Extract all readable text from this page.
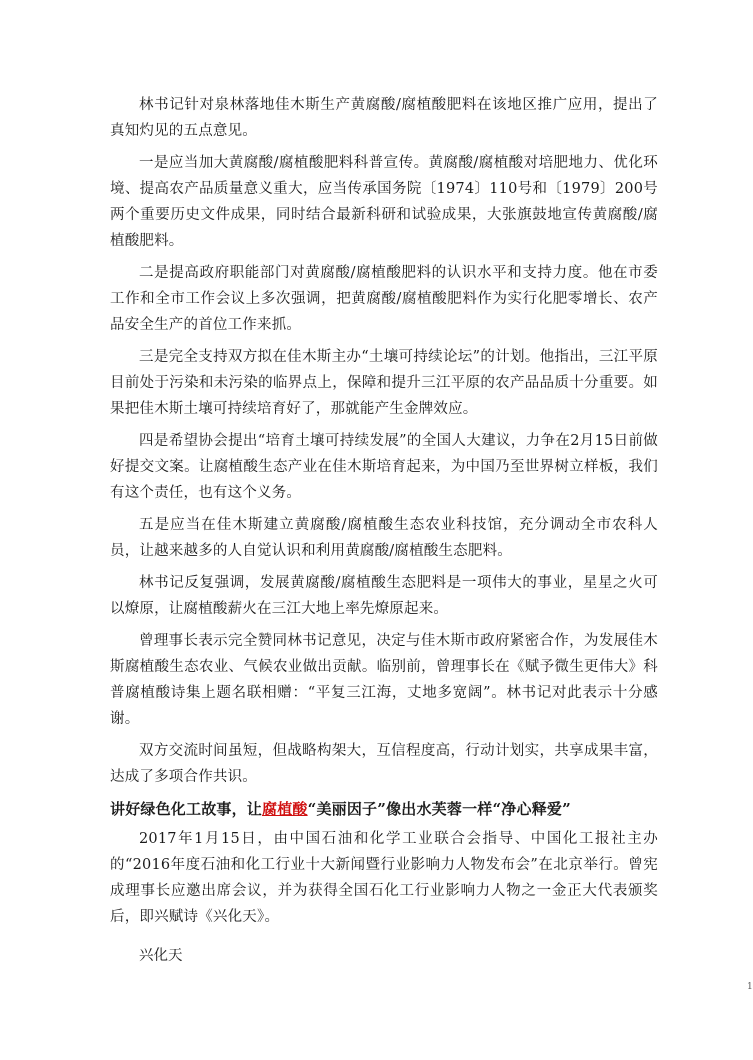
林书记针对泉林落地佳木斯生产黄腐酸/腐植酸肥料在该地区推广应用，提出了真知灼见的五点意见。

一是应当加大黄腐酸/腐植酸肥料科普宣传。黄腐酸/腐植酸对培肥地力、优化环境、提高农产品质量意义重大，应当传承国务院〔1974〕110号和〔1979〕200号两个重要历史文件成果，同时结合最新科研和试验成果，大张旗鼓地宣传黄腐酸/腐植酸肥料。

二是提高政府职能部门对黄腐酸/腐植酸肥料的认识水平和支持力度。他在市委工作和全市工作会议上多次强调，把黄腐酸/腐植酸肥料作为实行化肥零增长、农产品安全生产的首位工作来抓。

三是完全支持双方拟在佳木斯主办“土壤可持续论坛”的计划。他指出，三江平原目前处于污染和未污染的临界点上，保障和提升三江平原的农产品品质十分重要。如果把佳木斯土壤可持续培育好了，那就能产生金牌效应。

四是希望协会提出“培育土壤可持续发展”的全国人大建议，力争在2月15日前做好提交文案。让腐植酸生态产业在佳木斯培育起来，为中国乃至世界树立样板，我们有这个责任，也有这个义务。

五是应当在佳木斯建立黄腐酸/腐植酸生态农业科技馆，充分调动全市农科人员，让越来越多的人自觉认识和利用黄腐酸/腐植酸生态肥料。

林书记反复强调，发展黄腐酸/腐植酸生态肥料是一项伟大的事业，星星之火可以燎原，让腐植酸薪火在三江大地上率先燎原起来。

曾理事长表示完全赞同林书记意见，决定与佳木斯市政府紧密合作，为发展佳木斯腐植酸生态农业、气候农业做出贡献。临别前，曾理事长在《赋予微生更伟大》科普腐植酸诗集上题名联相赠：“平复三江海，丈地多宽阔”。林书记对此表示十分感谢。

双方交流时间虽短，但战略构架大，互信程度高，行动计划实，共享成果丰富，达成了多项合作共识。

讲好绿色化工故事，让腐植酸“美丽因子”像出水芙蓉一样“净心释爱”

2017年1月15日，由中国石油和化学工业联合会指导、中国化工报社主办的“2016年度石油和化工行业十大新闻暨行业影响力人物发布会”在北京举行。曾宪成理事长应邀出席会议，并为获得全国石化工行业影响力人物之一金正大代表颁奖后，即兴赋诗《兴化天》。

兴化天

1
